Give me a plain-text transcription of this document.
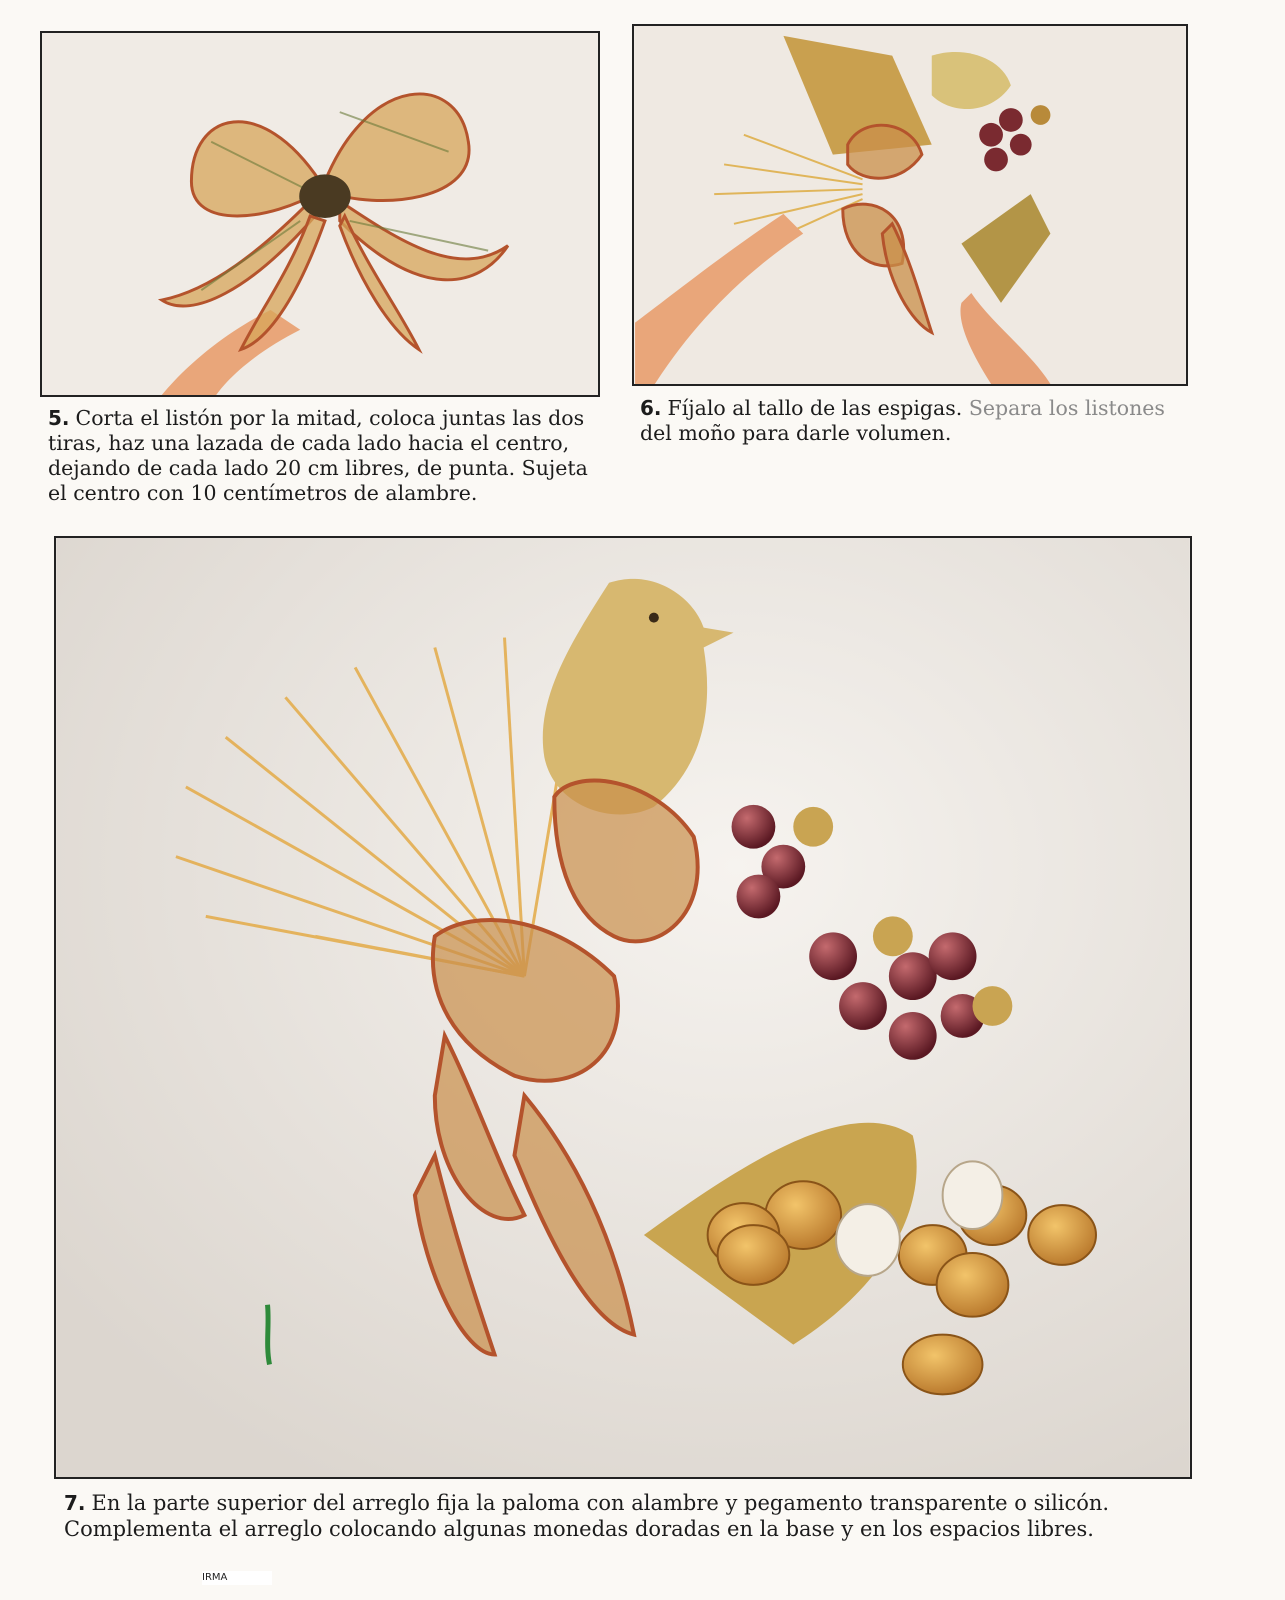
5. Corta el listón por la mitad, coloca juntas las dos tiras, haz una lazada de cada lado hacia el centro, dejando de cada lado 20 cm libres, de punta. Sujeta el centro con 10 centímetros de alambre.
6. Fíjalo al tallo de las espigas. Separa los listones
del moño para darle volumen.
7. En la parte superior del arreglo fija la paloma con alambre y pegamento transparente o silicón.
Complementa el arreglo colocando algunas monedas doradas en la base y en los espacios libres.
IRMA
